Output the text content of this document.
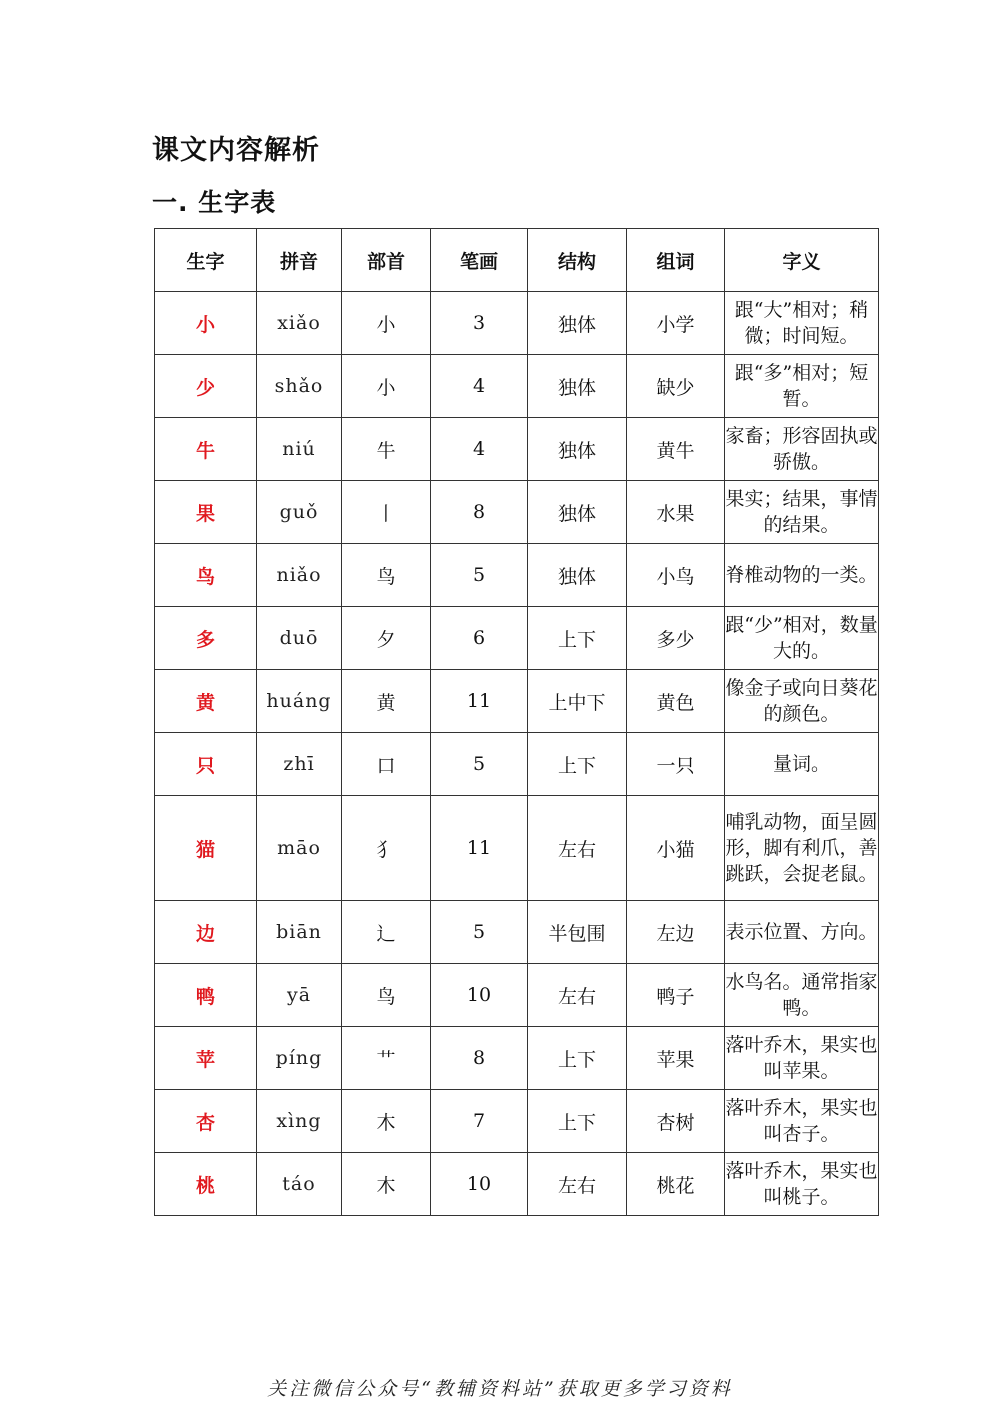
课文内容解析
一. 生字表
生字	拼音	部首	笔画	结构	组词	字义
小	xiǎo	小	3	独体	小学	跟“大”相对；稍微；时间短。
少	shǎo	小	4	独体	缺少	跟“多”相对；短暂。
牛	niú	牛	4	独体	黄牛	家畜；形容固执或骄傲。
果	guǒ	丨	8	独体	水果	果实；结果，事情的结果。
鸟	niǎo	鸟	5	独体	小鸟	脊椎动物的一类。
多	duō	夕	6	上下	多少	跟“少”相对，数量大的。
黄	huáng	黄	11	上中下	黄色	像金子或向日葵花的颜色。
只	zhī	口	5	上下	一只	量词。
猫	māo	犭	11	左右	小猫	哺乳动物，面呈圆形，脚有利爪，善跳跃，会捉老鼠。
边	biān	辶	5	半包围	左边	表示位置、方向。
鸭	yā	鸟	10	左右	鸭子	水鸟名。通常指家鸭。
苹	píng	艹	8	上下	苹果	落叶乔木，果实也叫苹果。
杏	xìng	木	7	上下	杏树	落叶乔木，果实也叫杏子。
桃	táo	木	10	左右	桃花	落叶乔木，果实也叫桃子。
关注微信公众号“教辅资料站”获取更多学习资料
